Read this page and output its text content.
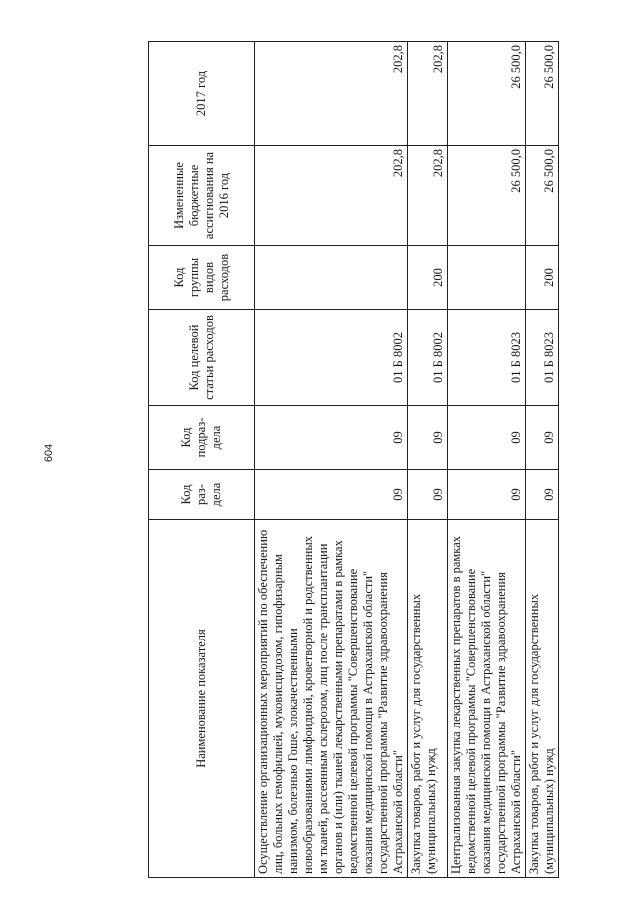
604
Наименование показателя	Код раз- дела	Код подраз- дела	Код целевой статьи расходов	Код группы видов расходов	Измененные бюджетные ассигнования на 2016 год	2017 год
Осуществление организационных мероприятий по обеспечению лиц, больных гемофилией, муковисцидозом, гипофизарным нанизмом, болезнью Гоше, злокачественными новообразованиями лимфоидной, кроветворной и родственных им тканей, рассеянным склерозом, лиц после трансплантации органов и (или) тканей лекарственными препаратами в рамках ведомственной целевой программы "Совершенствование оказания медицинской помощи в Астраханской области" государственной программы "Развитие здравоохранения Астраханской области"	09	09	01 Б 8002		202,8	202,8
Закупка товаров, работ и услуг для государственных (муниципальных) нужд	09	09	01 Б 8002	200	202,8	202,8
Централизованная закупка лекарственных препаратов в рамках ведомственной целевой программы "Совершенствование оказания медицинской помощи в Астраханской области" государственной программы "Развитие здравоохранения Астраханской области"	09	09	01 Б 8023		26 500,0	26 500,0
Закупка товаров, работ и услуг для государственных (муниципальных) нужд	09	09	01 Б 8023	200	26 500,0	26 500,0
